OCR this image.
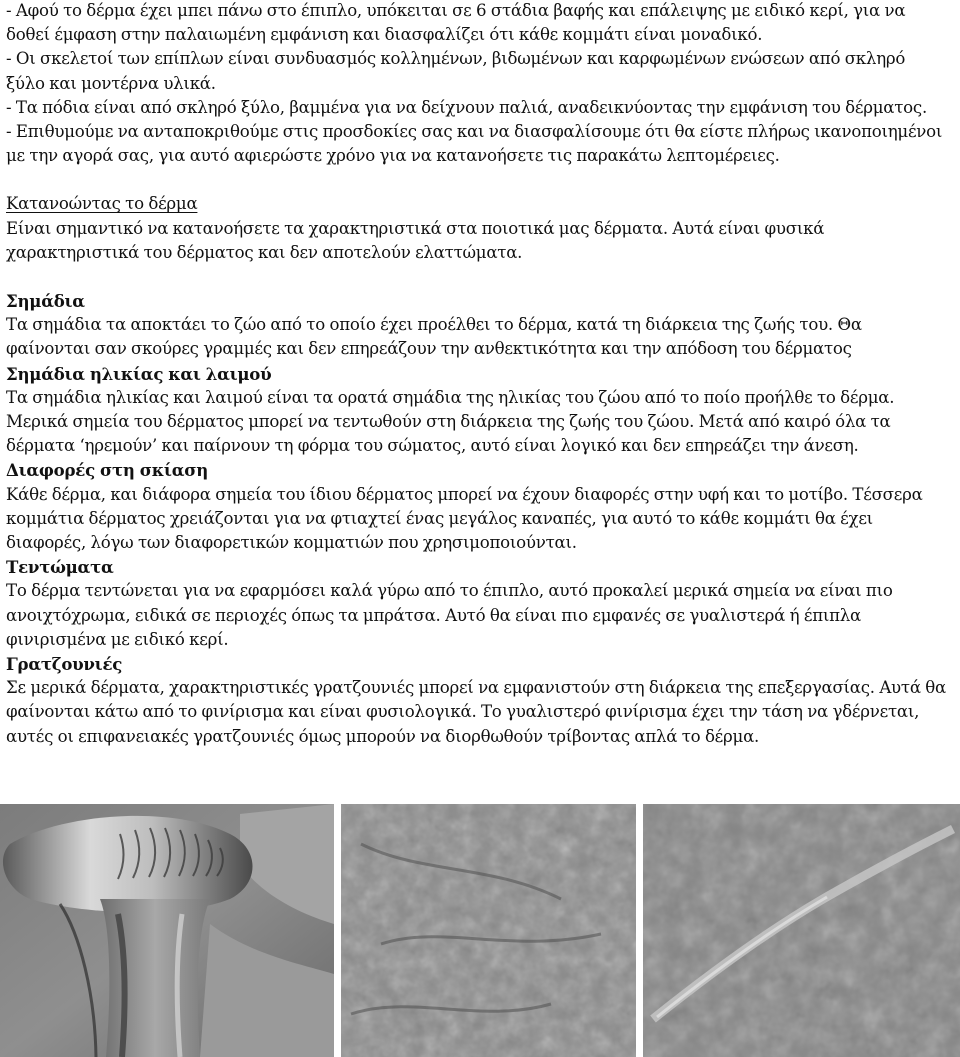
- Αφού το δέρμα έχει μπει πάνω στο έπιπλο, υπόκειται σε 6 στάδια βαφής και επάλειψης με ειδικό κερί, για να

δοθεί έμφαση στην παλαιωμένη εμφάνιση και διασφαλίζει ότι κάθε κομμάτι είναι μοναδικό.

- Οι σκελετοί των επίπλων είναι συνδυασμός κολλημένων, βιδωμένων και καρφωμένων ενώσεων από σκληρό

ξύλο και μοντέρνα υλικά.

- Τα πόδια είναι από σκληρό ξύλο, βαμμένα για να δείχνουν παλιά, αναδεικνύοντας την εμφάνιση του δέρματος.

- Επιθυμούμε να ανταποκριθούμε στις προσδοκίες σας και να διασφαλίσουμε ότι θα είστε πλήρως ικανοποιημένοι

με την αγορά σας, για αυτό αφιερώστε χρόνο για να κατανοήσετε τις παρακάτω λεπτομέρειες.

Κατανοώντας το δέρμα

Είναι σημαντικό να κατανοήσετε τα χαρακτηριστικά στα ποιοτικά μας δέρματα. Αυτά είναι φυσικά

χαρακτηριστικά του δέρματος και δεν αποτελούν ελαττώματα.

Σημάδια

Τα σημάδια τα αποκτάει το ζώο από το οποίο έχει προέλθει το δέρμα, κατά τη διάρκεια της ζωής του. Θα

φαίνονται σαν σκούρες γραμμές και δεν επηρεάζουν την ανθεκτικότητα και την απόδοση του δέρματος

Σημάδια ηλικίας και λαιμού

Τα σημάδια ηλικίας και λαιμού είναι τα ορατά σημάδια της ηλικίας του ζώου από το ποίο προήλθε το δέρμα.

Μερικά σημεία του δέρματος μπορεί να τεντωθούν στη διάρκεια της ζωής του ζώου. Μετά από καιρό όλα τα

δέρματα ‘ηρεμούν’ και παίρνουν τη φόρμα του σώματος, αυτό είναι λογικό και δεν επηρεάζει την άνεση.

Διαφορές στη σκίαση

Κάθε δέρμα, και διάφορα σημεία του ίδιου δέρματος μπορεί να έχουν διαφορές στην υφή και το μοτίβο. Τέσσερα

κομμάτια δέρματος χρειάζονται για να φτιαχτεί ένας μεγάλος καναπές, για αυτό το κάθε κομμάτι θα έχει

διαφορές, λόγω των διαφορετικών κομματιών που χρησιμοποιούνται.

Τεντώματα

Το δέρμα τεντώνεται για να εφαρμόσει καλά γύρω από το έπιπλο, αυτό προκαλεί μερικά σημεία να είναι πιο

ανοιχτόχρωμα, ειδικά σε περιοχές όπως τα μπράτσα. Αυτό θα είναι πιο εμφανές σε γυαλιστερά ή έπιπλα

φινιρισμένα με ειδικό κερί.

Γρατζουνιές

Σε μερικά δέρματα, χαρακτηριστικές γρατζουνιές μπορεί να εμφανιστούν στη διάρκεια της επεξεργασίας. Αυτά θα

φαίνονται κάτω από το φινίρισμα και είναι φυσιολογικά. Το γυαλιστερό φινίρισμα έχει την τάση να γδέρνεται,

αυτές οι επιφανειακές γρατζουνιές όμως μπορούν να διορθωθούν τρίβοντας απλά το δέρμα.
